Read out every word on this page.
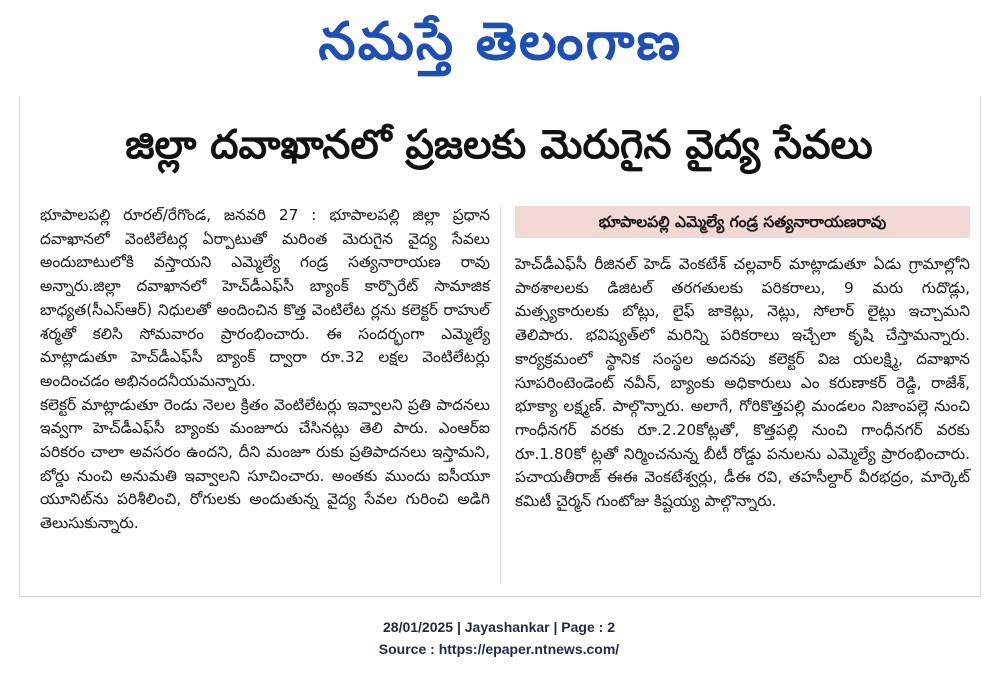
నమస్తే తెలంగాణ
జిల్లా దవాఖానలో ప్రజలకు మెరుగైన వైద్య సేవలు

భూపాలపల్లి రూరల్/రేగొండ, జనవరి 27 : భూపాలపల్లి జిల్లా ప్రధాన దవాఖానలో వెంటిలేటర్ల ఏర్పాటుతో మరింత మెరుగైన వైద్య సేవలు అందుబాటులోకి వస్తాయని ఎమ్మెల్యే గండ్ర సత్యనారాయణ రావు అన్నారు.జిల్లా దవాఖానలో హెచ్‌డీఎఫ్‌సీ బ్యాంక్ కార్పొరేట్ సామాజిక బాధ్యత(సీఎస్‌ఆర్) నిధులతో అందించిన కొత్త వెంటిలేట ర్లను కలెక్టర్ రాహుల్ శర్మతో కలిసి సోమవారం ప్రారంభించారు. ఈ సందర్భంగా ఎమ్మెల్యే మాట్లాడుతూ హెచ్‌డీఎఫ్‌సీ బ్యాంక్ ద్వారా రూ.32 లక్షల వెంటిలేటర్లు అందించడం అభినందనీయమన్నారు.

కలెక్టర్ మాట్లాడుతూ రెండు నెలల క్రితం వెంటిలేటర్లు ఇవ్వాలని ప్రతి పాదనలు ఇవ్వగా హెచ్‌డీఎఫ్‌సీ బ్యాంకు మంజూరు చేసినట్లు తెలి పారు. ఎంఆర్‌ఐ పరికరం చాలా అవసరం ఉందని, దీని మంజూ రుకు ప్రతిపాదనలు ఇస్తామని, బోర్డు నుంచి అనుమతి ఇవ్వాలని సూచించారు. అంతకు ముందు ఐసీయూ యూనిట్‌ను పరిశీలించి, రోగులకు అందుతున్న వైద్య సేవల గురించి అడిగి తెలుసుకున్నారు.

భూపాలపల్లి ఎమ్మెల్యే గండ్ర సత్యనారాయణరావు

హెచ్‌డీఎఫ్‌సీ రీజినల్ హెడ్ వెంకటేశ్ చల్లవార్ మాట్లాడుతూ ఏడు గ్రామాల్లోని పాఠశాలలకు డిజిటల్ తరగతులకు పరికరాలు, 9 మరు గుదొడ్లు, మత్స్యకారులకు బోట్లు, లైఫ్ జాకెట్లు, నెట్లు, సోలార్ లైట్లు ఇచ్చామని తెలిపారు. భవిష్యత్‌లో మరిన్ని పరికరాలు ఇచ్చేలా కృషి చేస్తామన్నారు. కార్యక్రమంలో స్థానిక సంస్థల అదనపు కలెక్టర్ విజ యలక్ష్మి, దవాఖాన సూపరింటెండెంట్ నవీన్, బ్యాంకు అధికారులు ఎం కరుణాకర్ రెడ్డి, రాజేశ్, భూక్యా లక్ష్మణ్. పాల్గొన్నారు. అలాగే, గోరికొత్తపల్లి మండలం నిజాంపల్లె నుంచి గాంధీనగర్ వరకు రూ.2.20కోట్లతో, కొత్తపల్లి నుంచి గాంధీనగర్ వరకు రూ.1.80కో ట్లతో నిర్మించనున్న బీటీ రోడ్డు పనులను ఎమ్మెల్యే ప్రారంభించారు. పచాయతీరాజ్ ఈఈ వెంకటేశ్వర్లు, డీఈ రవి, తహసీల్దార్ వీరభద్రం, మార్కెట్ కమిటీ చైర్మన్ గుంటోజు కిష్టయ్య పాల్గొన్నారు.

28/01/2025 | Jayashankar | Page : 2
Source : https://epaper.ntnews.com/
